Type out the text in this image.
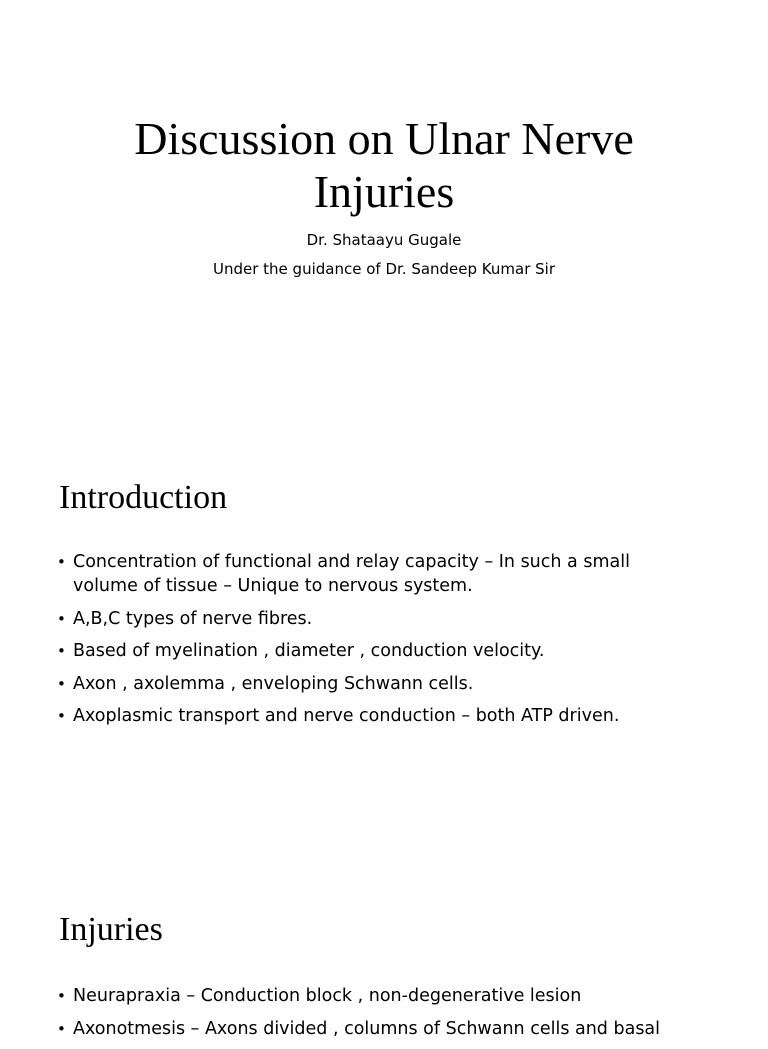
Discussion on Ulnar Nerve Injuries

Dr. Shataayu Gugale

Under the guidance of Dr. Sandeep Kumar Sir

Introduction
• Concentration of functional and relay capacity – In such a small volume of tissue – Unique to nervous system.
• A,B,C types of nerve fibres.
• Based of myelination , diameter , conduction velocity.
• Axon , axolemma , enveloping Schwann cells.
• Axoplasmic transport and nerve conduction – both ATP driven.
Injuries
• Neurapraxia – Conduction block , non-degenerative lesion
• Axonotmesis – Axons divided , columns of Schwann cells and basal
